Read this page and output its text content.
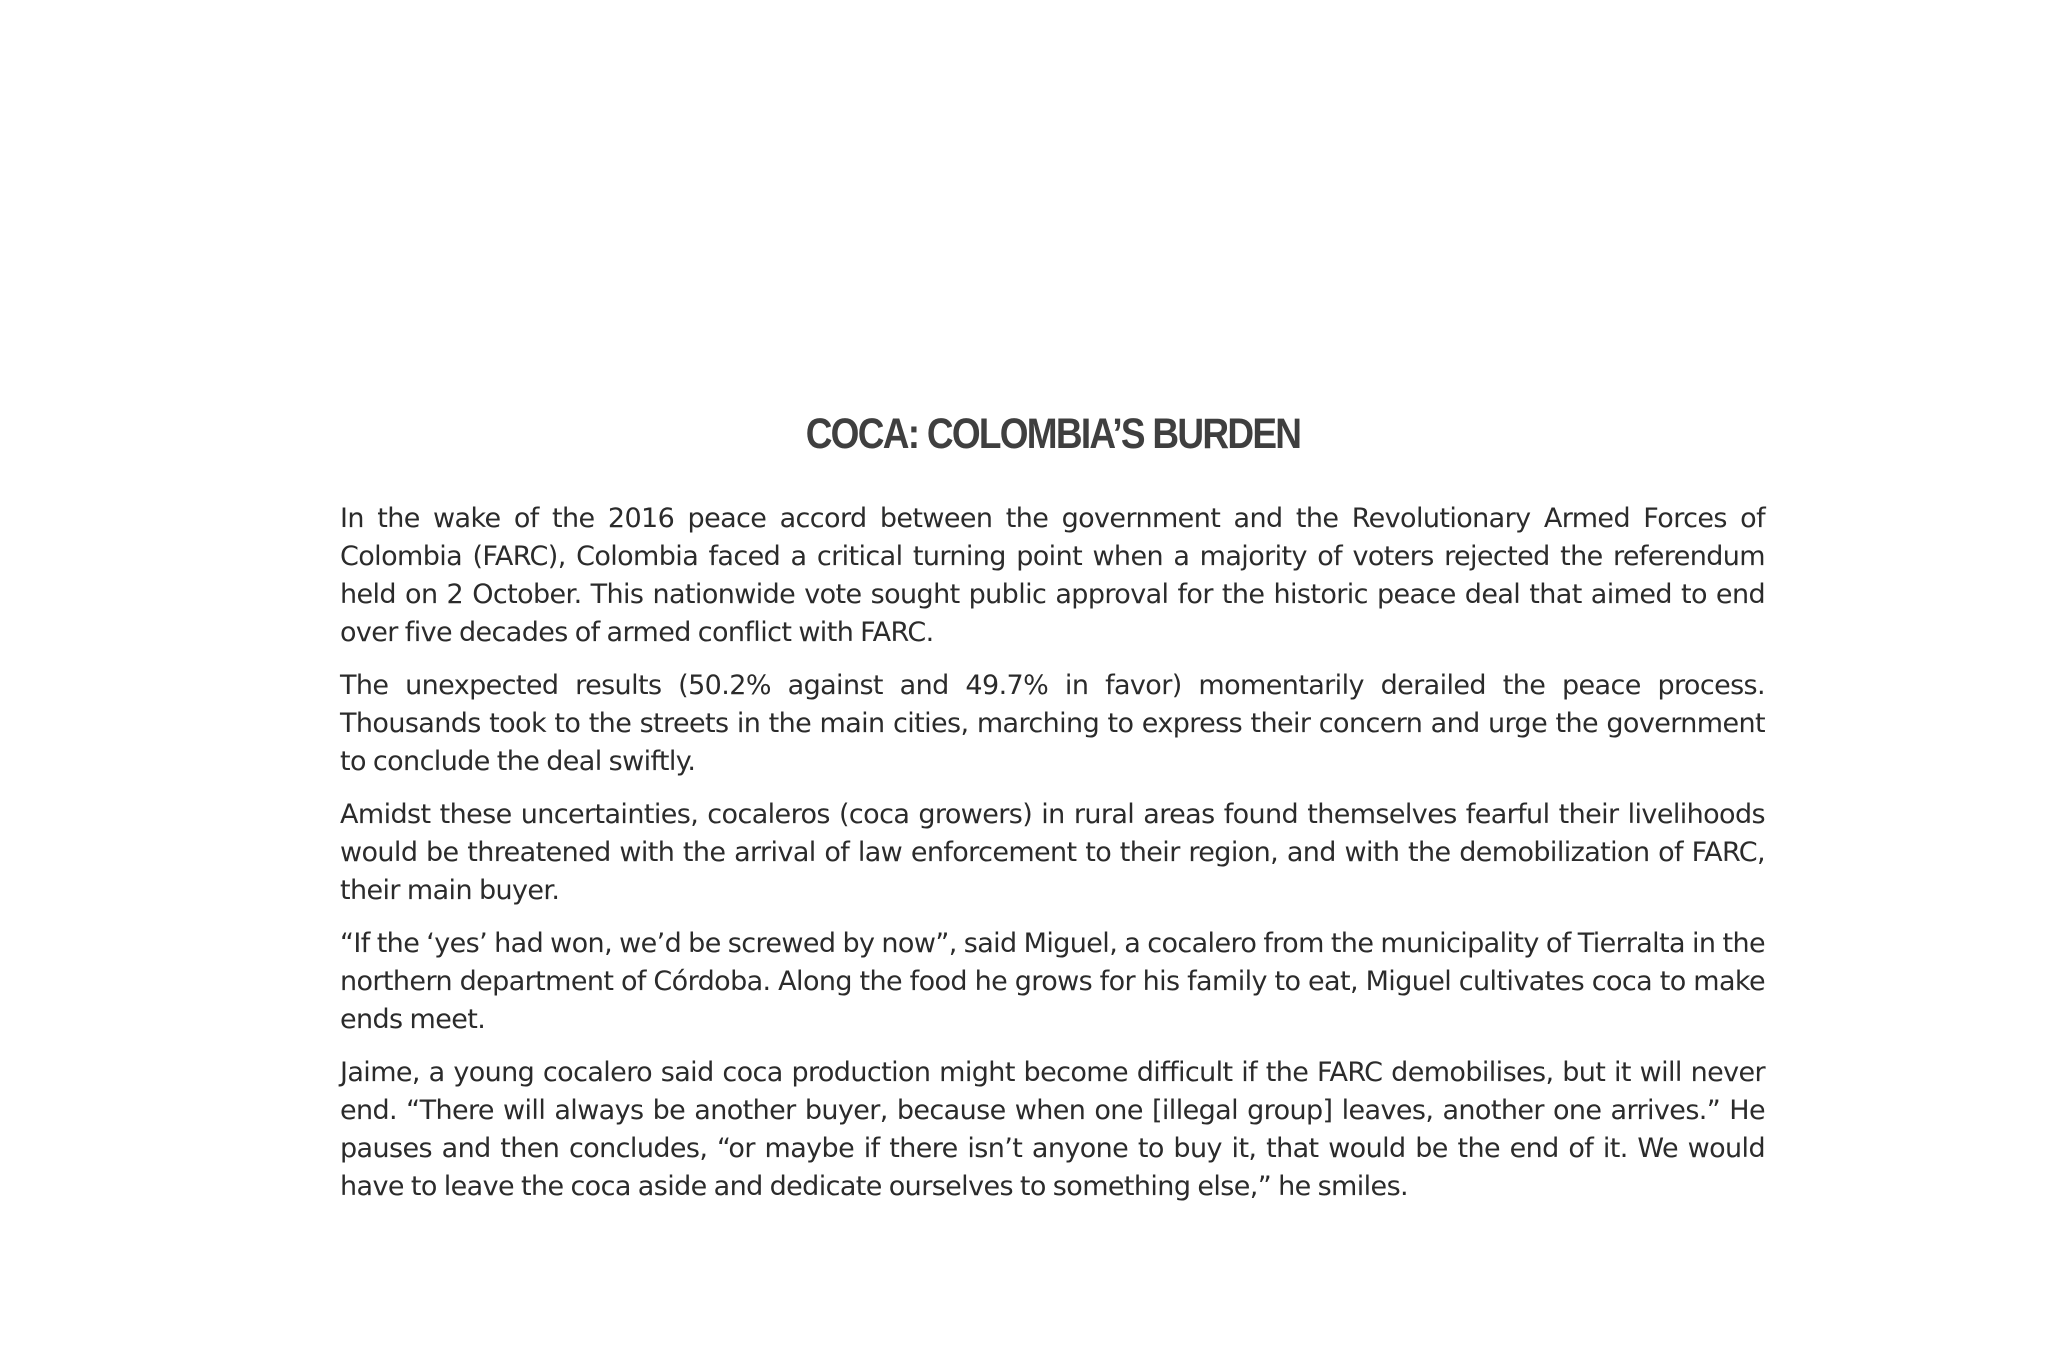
COCA: COLOMBIA’S BURDEN

In the wake of the 2016 peace accord between the government and the Revolutionary Armed Forces of Colombia (FARC), Colombia faced a critical turning point when a majority of voters rejected the referendum held on 2 October. This nationwide vote sought public approval for the historic peace deal that aimed to end over five decades of armed conflict with FARC.

The unexpected results (50.2% against and 49.7% in favor) momentarily derailed the peace process. Thousands took to the streets in the main cities, marching to express their concern and urge the government to conclude the deal swiftly.

Amidst these uncertainties, cocaleros (coca growers) in rural areas found themselves fearful their livelihoods would be threatened with the arrival of law enforcement to their region, and with the demobilization of FARC, their main buyer.

“If the ‘yes’ had won, we’d be screwed by now”, said Miguel, a cocalero from the municipality of Tierralta in the northern department of Córdoba. Along the food he grows for his family to eat, Miguel cultivates coca to make ends meet.

Jaime, a young cocalero said coca production might become difficult if the FARC demobilises, but it will never end. “There will always be another buyer, because when one [illegal group] leaves, another one arrives.” He pauses and then concludes, “or maybe if there isn’t anyone to buy it, that would be the end of it. We would have to leave the coca aside and dedicate ourselves to something else,” he smiles.
